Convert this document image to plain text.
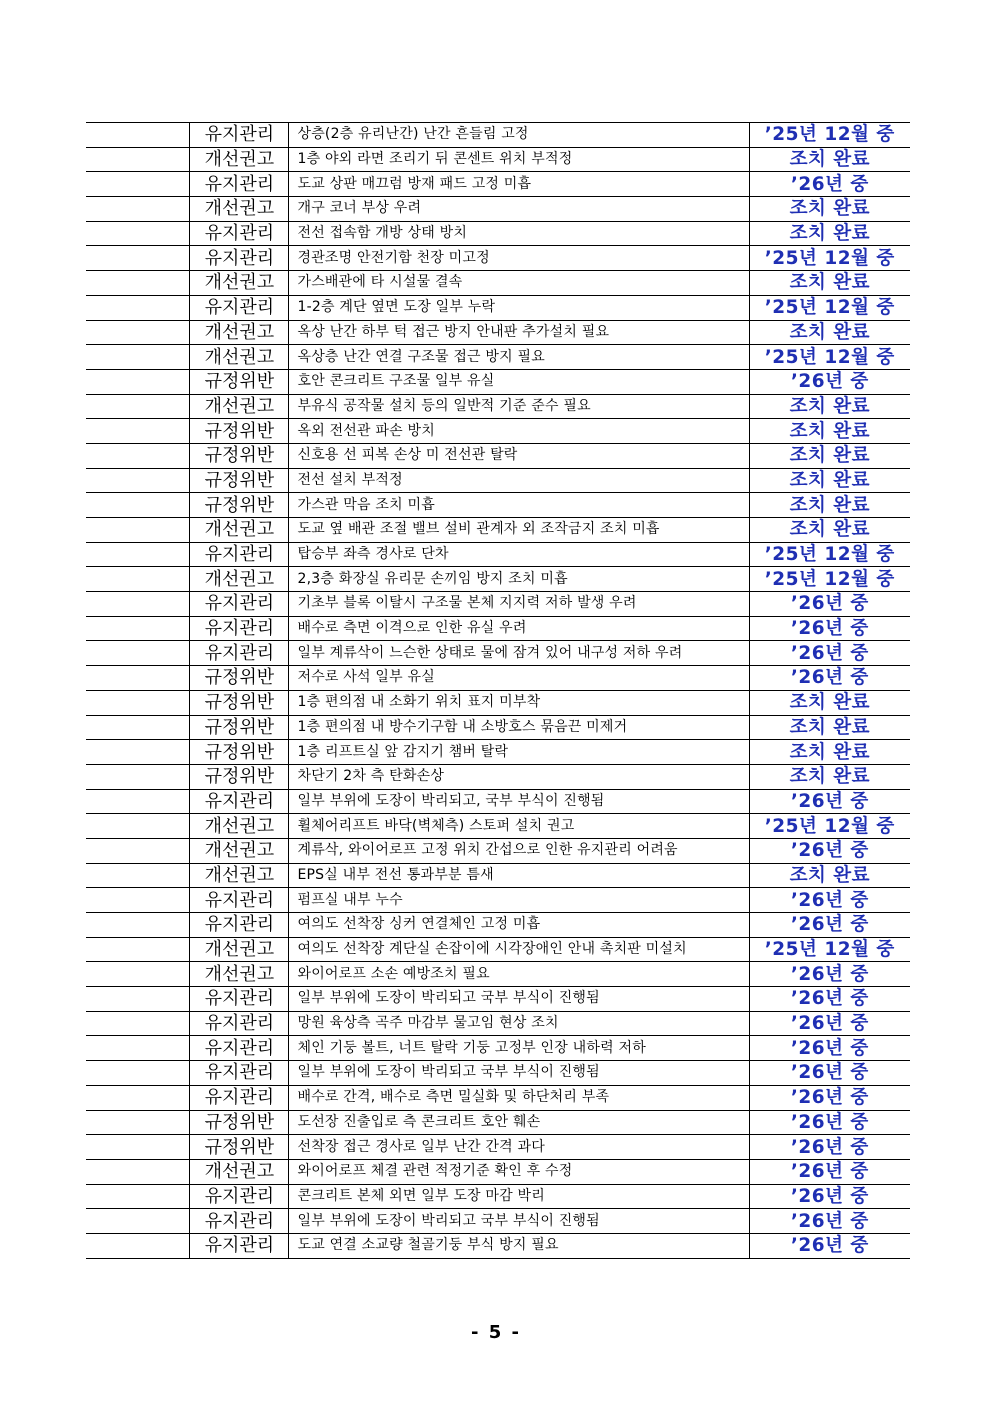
	유지관리	상층(2층 유리난간) 난간 흔들림 고정	’25년 12월 중
	개선권고	1층 야외 라면 조리기 뒤 콘센트 위치 부적정	조치 완료
	유지관리	도교 상판 매끄럼 방재 패드 고정 미흡	’26년 중
	개선권고	개구 코너 부상 우려	조치 완료
	유지관리	전선 접속함 개방 상태 방치	조치 완료
	유지관리	경관조명 안전기함 천장 미고정	’25년 12월 중
	개선권고	가스배관에 타 시설물 결속	조치 완료
	유지관리	1-2층 계단 옆면 도장 일부 누락	’25년 12월 중
	개선권고	옥상 난간 하부 턱 접근 방지 안내판 추가설치 필요	조치 완료
	개선권고	옥상층 난간 연결 구조물 접근 방지 필요	’25년 12월 중
	규정위반	호안 콘크리트 구조물 일부 유실	’26년 중
	개선권고	부유식 공작물 설치 등의 일반적 기준 준수 필요	조치 완료
	규정위반	옥외 전선관 파손 방치	조치 완료
	규정위반	신호용 선 피복 손상 미 전선관 탈락	조치 완료
	규정위반	전선 설치 부적정	조치 완료
	규정위반	가스관 막음 조치 미흡	조치 완료
	개선권고	도교 옆 배관 조절 밸브 설비 관계자 외 조작금지 조치 미흡	조치 완료
	유지관리	탑승부 좌측 경사로 단차	’25년 12월 중
	개선권고	2,3층 화장실 유리문 손끼임 방지 조치 미흡	’25년 12월 중
	유지관리	기초부 블록 이탈시 구조물 본체 지지력 저하 발생 우려	’26년 중
	유지관리	배수로 측면 이격으로 인한 유실 우려	’26년 중
	유지관리	일부 계류삭이 느슨한 상태로 물에 잠겨 있어 내구성 저하 우려	’26년 중
	규정위반	저수로 사석 일부 유실	’26년 중
	규정위반	1층 편의점 내 소화기 위치 표지 미부착	조치 완료
	규정위반	1층 편의점 내 방수기구함 내 소방호스 묶음끈 미제거	조치 완료
	규정위반	1층 리프트실 앞 감지기 챔버 탈락	조치 완료
	규정위반	차단기 2차 측 탄화손상	조치 완료
	유지관리	일부 부위에 도장이 박리되고, 국부 부식이 진행됨	’26년 중
	개선권고	휠체어리프트 바닥(벽체측) 스토퍼 설치 권고	’25년 12월 중
	개선권고	계류삭, 와이어로프 고정 위치 간섭으로 인한 유지관리 어려움	’26년 중
	개선권고	EPS실 내부 전선 통과부분 틈새	조치 완료
	유지관리	펌프실 내부 누수	’26년 중
	유지관리	여의도 선착장 싱커 연결체인 고정 미흡	’26년 중
	개선권고	여의도 선착장 계단실 손잡이에 시각장애인 안내 촉치판 미설치	’25년 12월 중
	개선권고	와이어로프 소손 예방조치 필요	’26년 중
	유지관리	일부 부위에 도장이 박리되고 국부 부식이 진행됨	’26년 중
	유지관리	망원 육상측 곡주 마감부 물고임 현상 조치	’26년 중
	유지관리	체인 기둥 볼트, 너트 탈락 기둥 고정부 인장 내하력 저하	’26년 중
	유지관리	일부 부위에 도장이 박리되고 국부 부식이 진행됨	’26년 중
	유지관리	배수로 간격, 배수로 측면 밀실화 및 하단처리 부족	’26년 중
	규정위반	도선장 진출입로 측 콘크리트 호안 훼손	’26년 중
	규정위반	선착장 접근 경사로 일부 난간 간격 과다	’26년 중
	개선권고	와이어로프 체결 관련 적정기준 확인 후 수정	’26년 중
	유지관리	콘크리트 본체 외면 일부 도장 마감 박리	’26년 중
	유지관리	일부 부위에 도장이 박리되고 국부 부식이 진행됨	’26년 중
	유지관리	도교 연결 소교량 철골기둥 부식 방지 필요	’26년 중
- 5 -
